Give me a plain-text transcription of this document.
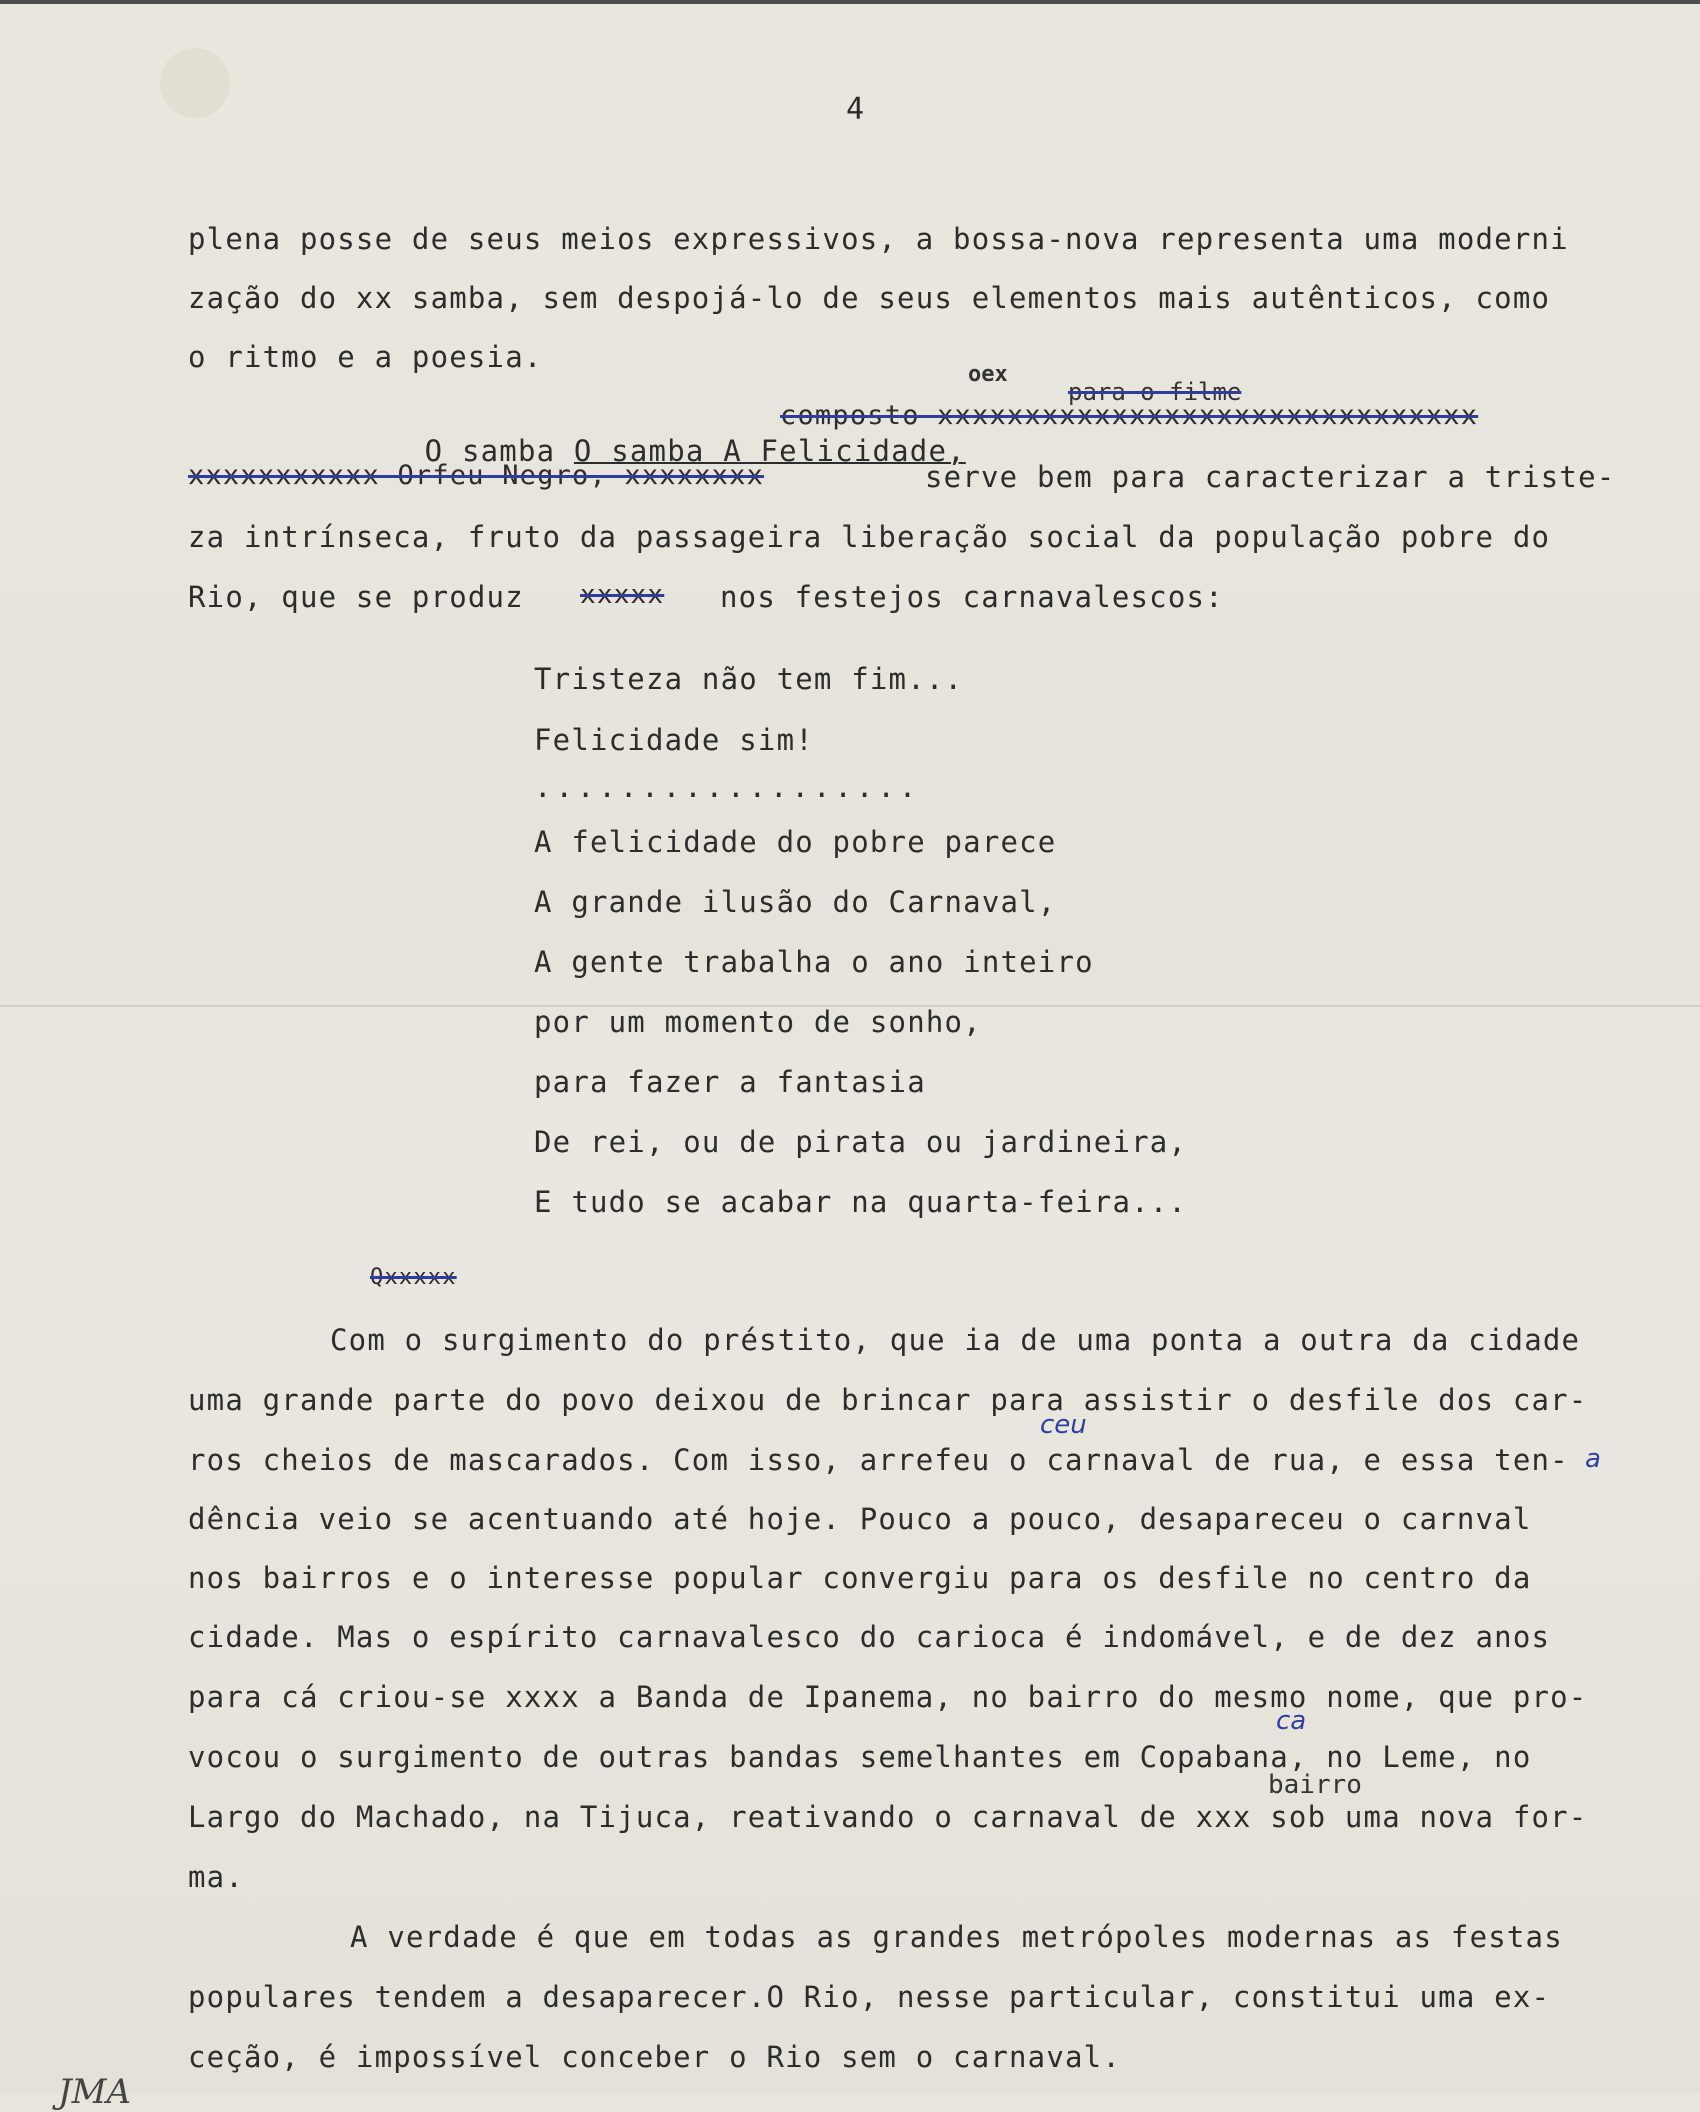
4
plena posse de seus meios expressivos, a bossa-nova representa uma moderni
zação do xx samba, sem despojá-lo de seus elementos mais autênticos, como
o ritmo e a poesia.
oex
para o filme

O samba O samba A Felicidade,

composto xxxxxxxxxxxxxxxxxxxxxxxxxxxxxxx
xxxxxxxxxxx Orfeu Negro, xxxxxxxx	serve bem para caracterizar a triste-
za intrínseca, fruto da passageira liberação social da população pobre do
Rio, que se produz xxxxx nos festejos carnavalescos:
Tristeza não tem fim...
Felicidade sim!
..................
A felicidade do pobre parece
A grande ilusão do Carnaval,
A gente trabalha o ano inteiro
por um momento de sonho,
para fazer a fantasia
De rei, ou de pirata ou jardineira,
E tudo se acabar na quarta-feira...
Qxxxxx
Com o surgimento do préstito, que ia de uma ponta a outra da cidade
uma grande parte do povo deixou de brincar para assistir o desfile dos car-
ceu
ros cheios de mascarados. Com isso, arrefeu o carnaval de rua, e essa ten- a
dência veio se acentuando até hoje. Pouco a pouco, desapareceu o carnval
nos bairros e o interesse popular convergiu para os desfile no centro da
cidade. Mas o espírito carnavalesco do carioca é indomável, e de dez anos
para cá criou-se xxxx a Banda de Ipanema, no bairro do mesmo nome, que pro-
ca
vocou o surgimento de outras bandas semelhantes em Copabana, no Leme, no
bairro
Largo do Machado, na Tijuca, reativando o carnaval de xxx sob uma nova for-
ma.
A verdade é que em todas as grandes metrópoles modernas as festas
populares tendem a desaparecer.O Rio, nesse particular, constitui uma ex-
ceção, é impossível conceber o Rio sem o carnaval.
JMA
